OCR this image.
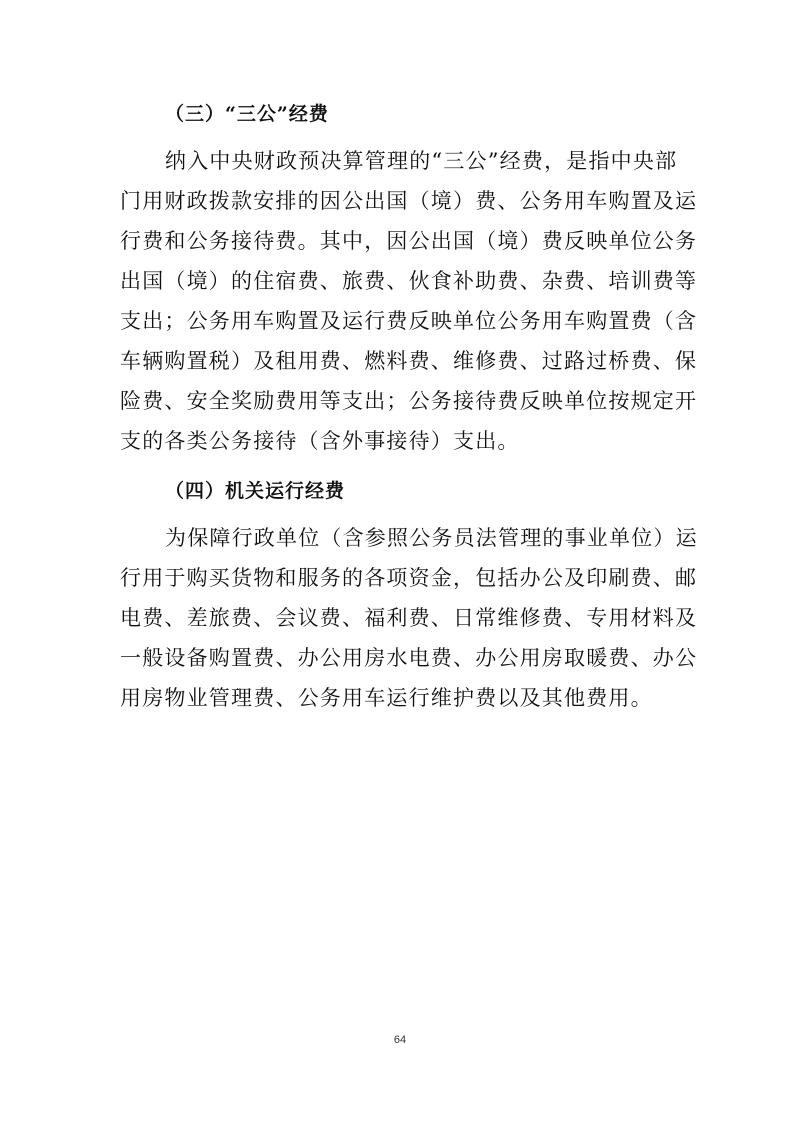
（三）“三公”经费
纳入中央财政预决算管理的“三公”经费，是指中央部
门用财政拨款安排的因公出国（境）费、公务用车购置及运
行费和公务接待费。其中，因公出国（境）费反映单位公务
出国（境）的住宿费、旅费、伙食补助费、杂费、培训费等
支出；公务用车购置及运行费反映单位公务用车购置费（含
车辆购置税）及租用费、燃料费、维修费、过路过桥费、保
险费、安全奖励费用等支出；公务接待费反映单位按规定开
支的各类公务接待（含外事接待）支出。
（四）机关运行经费
为保障行政单位（含参照公务员法管理的事业单位）运
行用于购买货物和服务的各项资金，包括办公及印刷费、邮
电费、差旅费、会议费、福利费、日常维修费、专用材料及
一般设备购置费、办公用房水电费、办公用房取暖费、办公
用房物业管理费、公务用车运行维护费以及其他费用。
64
